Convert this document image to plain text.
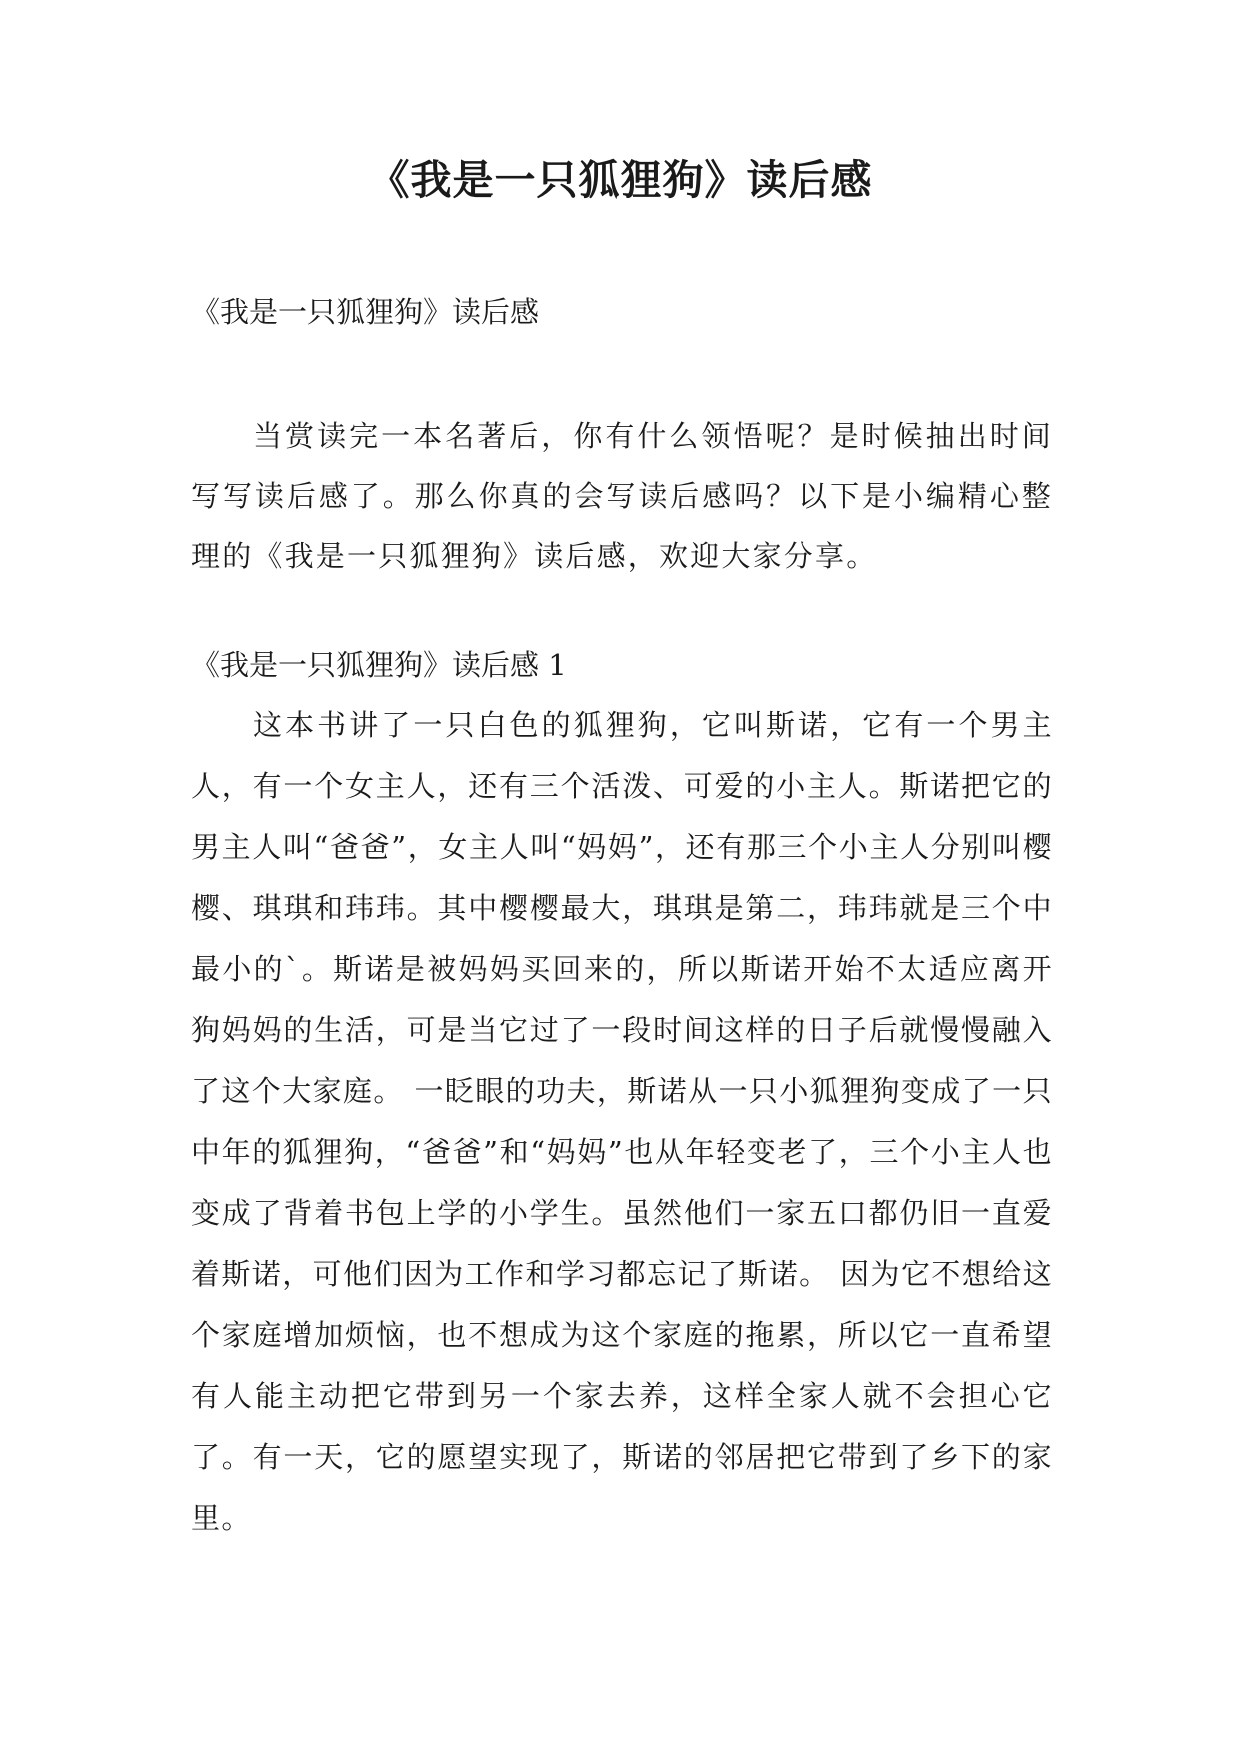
《我是一只狐狸狗》读后感

《我是一只狐狸狗》读后感

当赏读完一本名著后，你有什么领悟呢？是时候抽出时间写写读后感了。那么你真的会写读后感吗？以下是小编精心整理的《我是一只狐狸狗》读后感，欢迎大家分享。

《我是一只狐狸狗》读后感 1

这本书讲了一只白色的狐狸狗，它叫斯诺，它有一个男主人，有一个女主人，还有三个活泼、可爱的小主人。斯诺把它的男主人叫“爸爸”，女主人叫“妈妈”，还有那三个小主人分别叫樱樱、琪琪和玮玮。其中樱樱最大，琪琪是第二，玮玮就是三个中最小的`。斯诺是被妈妈买回来的，所以斯诺开始不太适应离开狗妈妈的生活，可是当它过了一段时间这样的日子后就慢慢融入了这个大家庭。 一眨眼的功夫，斯诺从一只小狐狸狗变成了一只中年的狐狸狗，“爸爸”和“妈妈”也从年轻变老了，三个小主人也变成了背着书包上学的小学生。虽然他们一家五口都仍旧一直爱着斯诺，可他们因为工作和学习都忘记了斯诺。 因为它不想给这个家庭增加烦恼，也不想成为这个家庭的拖累，所以它一直希望有人能主动把它带到另一个家去养，这样全家人就不会担心它了。有一天，它的愿望实现了，斯诺的邻居把它带到了乡下的家里。
